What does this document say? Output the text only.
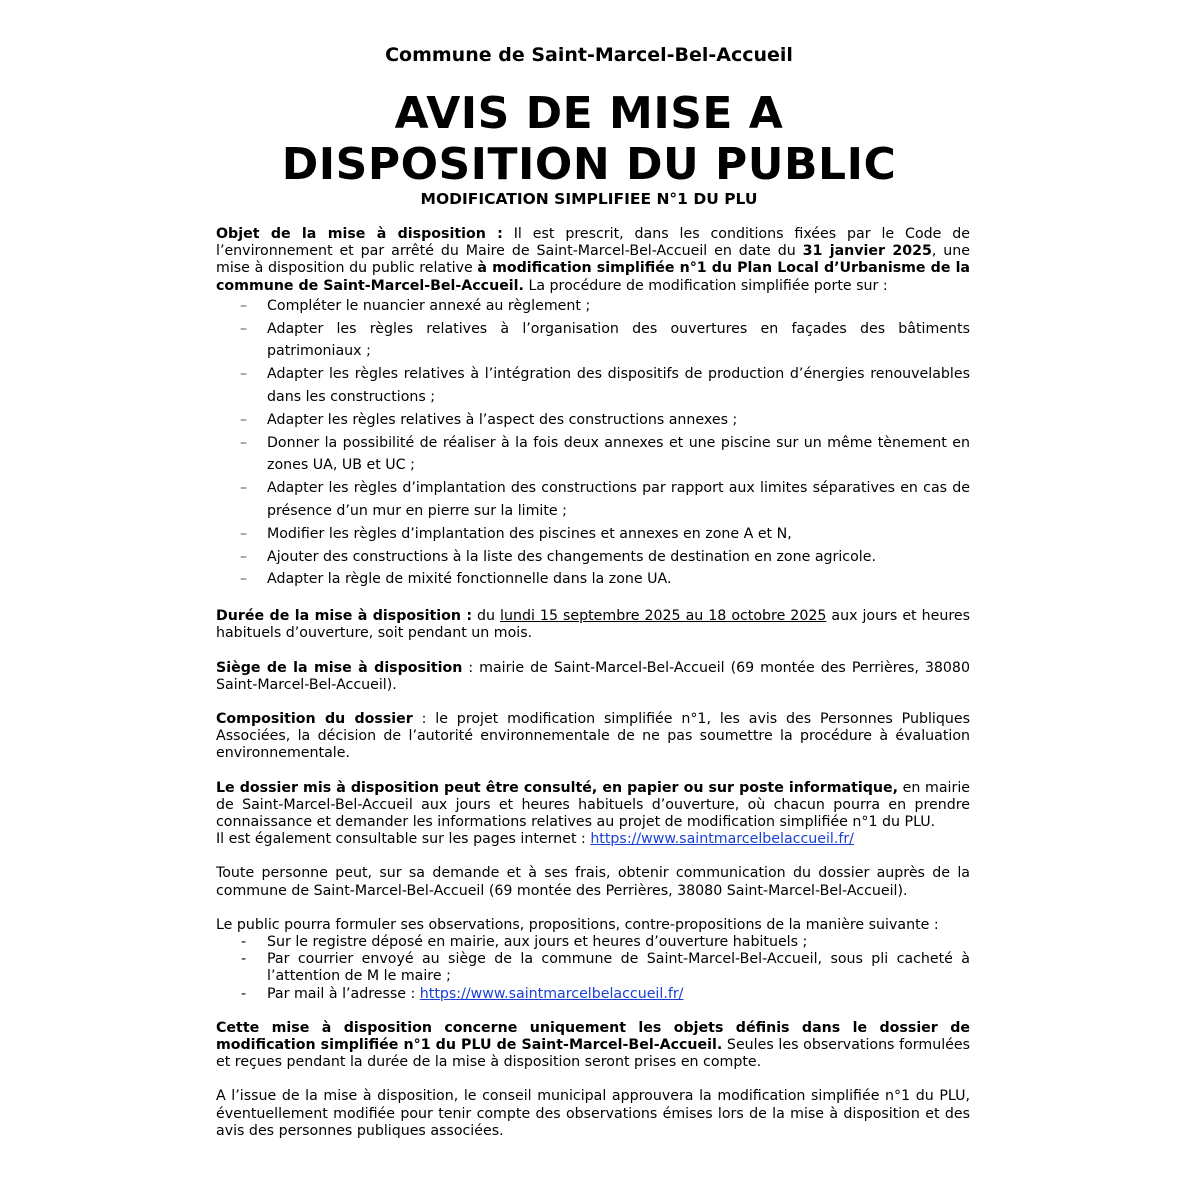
Commune de Saint-Marcel-Bel-Accueil
AVIS DE MISE A
DISPOSITION DU PUBLIC
MODIFICATION SIMPLIFIEE N°1 DU PLU

Objet de la mise à disposition : Il est prescrit, dans les conditions fixées par le Code de l’environnement et par arrêté du Maire de Saint-Marcel-Bel-Accueil en date du 31 janvier 2025, une mise à disposition du public relative à modification simplifiée n°1 du Plan Local d’Urbanisme de la commune de Saint-Marcel-Bel-Accueil. La procédure de modification simplifiée porte sur :

– Compléter le nuancier annexé au règlement ;
– Adapter les règles relatives à l’organisation des ouvertures en façades des bâtiments patrimoniaux ;
– Adapter les règles relatives à l’intégration des dispositifs de production d’énergies renouvelables dans les constructions ;
– Adapter les règles relatives à l’aspect des constructions annexes ;
– Donner la possibilité de réaliser à la fois deux annexes et une piscine sur un même tènement en zones UA, UB et UC ;
– Adapter les règles d’implantation des constructions par rapport aux limites séparatives en cas de présence d’un mur en pierre sur la limite ;
– Modifier les règles d’implantation des piscines et annexes en zone A et N,
– Ajouter des constructions à la liste des changements de destination en zone agricole.
– Adapter la règle de mixité fonctionnelle dans la zone UA.

Durée de la mise à disposition : du lundi 15 septembre 2025 au 18 octobre 2025 aux jours et heures habituels d’ouverture, soit pendant un mois.

Siège de la mise à disposition : mairie de Saint-Marcel-Bel-Accueil (69 montée des Perrières, 38080 Saint-Marcel-Bel-Accueil).

Composition du dossier : le projet modification simplifiée n°1, les avis des Personnes Publiques Associées, la décision de l’autorité environnementale de ne pas soumettre la procédure à évaluation environnementale.

Le dossier mis à disposition peut être consulté, en papier ou sur poste informatique, en mairie de Saint-Marcel-Bel-Accueil aux jours et heures habituels d’ouverture, où chacun pourra en prendre connaissance et demander les informations relatives au projet de modification simplifiée n°1 du PLU.
Il est également consultable sur les pages internet : https://www.saintmarcelbelaccueil.fr/

Toute personne peut, sur sa demande et à ses frais, obtenir communication du dossier auprès de la commune de Saint-Marcel-Bel-Accueil (69 montée des Perrières, 38080 Saint-Marcel-Bel-Accueil).

Le public pourra formuler ses observations, propositions, contre-propositions de la manière suivante :

- Sur le registre déposé en mairie, aux jours et heures d’ouverture habituels ;
- Par courrier envoyé au siège de la commune de Saint-Marcel-Bel-Accueil, sous pli cacheté à l’attention de M le maire ;
- Par mail à l’adresse : https://www.saintmarcelbelaccueil.fr/

Cette mise à disposition concerne uniquement les objets définis dans le dossier de modification simplifiée n°1 du PLU de Saint-Marcel-Bel-Accueil. Seules les observations formulées et reçues pendant la durée de la mise à disposition seront prises en compte.

A l’issue de la mise à disposition, le conseil municipal approuvera la modification simplifiée n°1 du PLU, éventuellement modifiée pour tenir compte des observations émises lors de la mise à disposition et des avis des personnes publiques associées.
